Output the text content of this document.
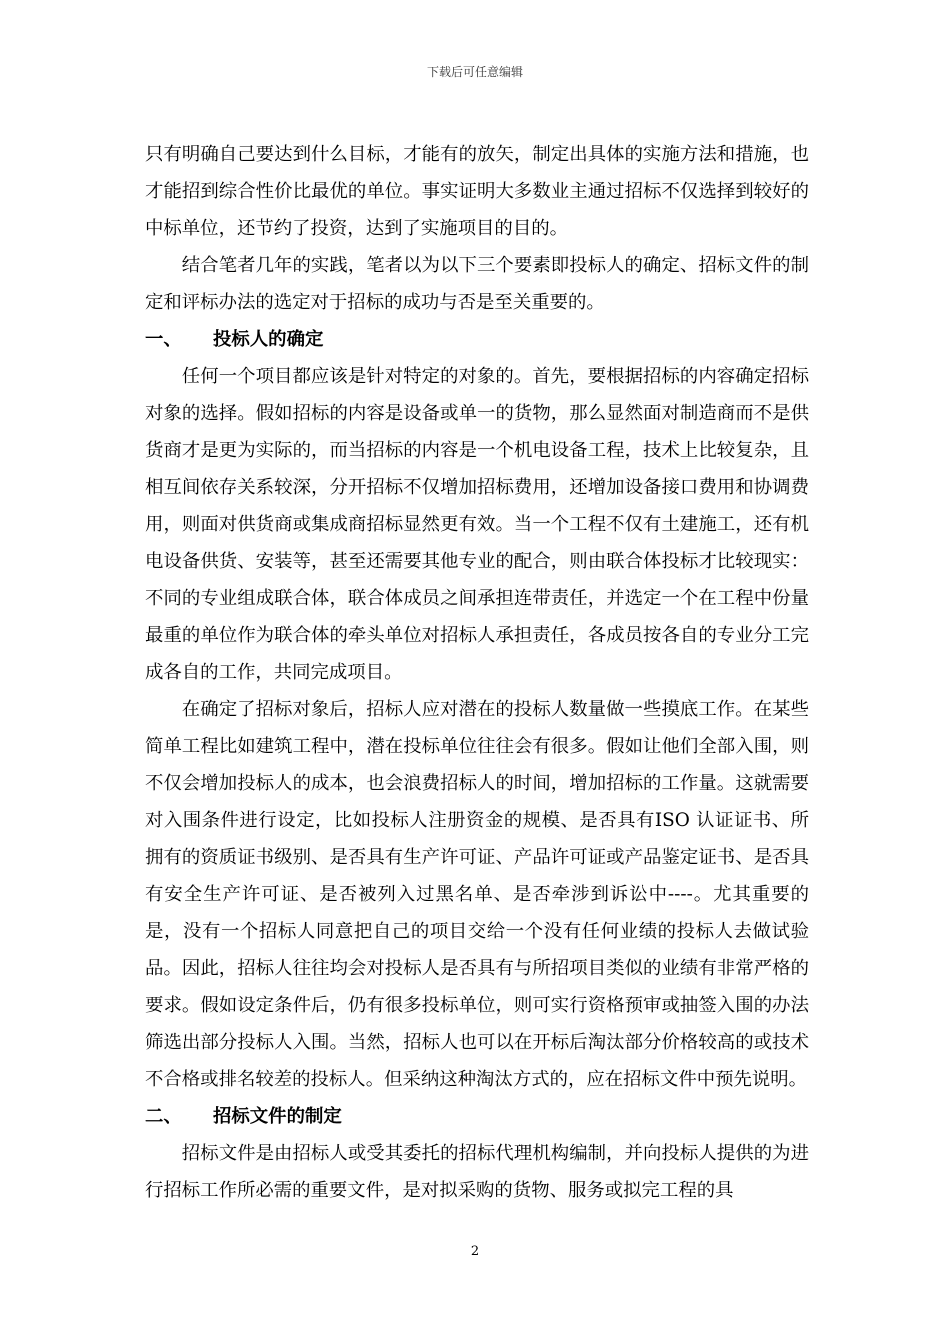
下载后可任意编辑

只有明确自己要达到什么目标，才能有的放矢，制定出具体的实施方法和措施，也才能招到综合性价比最优的单位。事实证明大多数业主通过招标不仅选择到较好的中标单位，还节约了投资，达到了实施项目的目的。

结合笔者几年的实践，笔者以为以下三个要素即投标人的确定、招标文件的制定和评标办法的选定对于招标的成功与否是至关重要的。

一、	投标人的确定

任何一个项目都应该是针对特定的对象的。首先，要根据招标的内容确定招标对象的选择。假如招标的内容是设备或单一的货物，那么显然面对制造商而不是供货商才是更为实际的，而当招标的内容是一个机电设备工程，技术上比较复杂，且相互间依存关系较深，分开招标不仅增加招标费用，还增加设备接口费用和协调费用，则面对供货商或集成商招标显然更有效。当一个工程不仅有土建施工，还有机电设备供货、安装等，甚至还需要其他专业的配合，则由联合体投标才比较现实：不同的专业组成联合体，联合体成员之间承担连带责任，并选定一个在工程中份量最重的单位作为联合体的牵头单位对招标人承担责任，各成员按各自的专业分工完成各自的工作，共同完成项目。

在确定了招标对象后，招标人应对潜在的投标人数量做一些摸底工作。在某些简单工程比如建筑工程中，潜在投标单位往往会有很多。假如让他们全部入围，则不仅会增加投标人的成本，也会浪费招标人的时间，增加招标的工作量。这就需要对入围条件进行设定，比如投标人注册资金的规模、是否具有ISO 认证证书、所拥有的资质证书级别、是否具有生产许可证、产品许可证或产品鉴定证书、是否具有安全生产许可证、是否被列入过黑名单、是否牵涉到诉讼中----。尤其重要的是，没有一个招标人同意把自己的项目交给一个没有任何业绩的投标人去做试验品。因此，招标人往往均会对投标人是否具有与所招项目类似的业绩有非常严格的要求。假如设定条件后，仍有很多投标单位，则可实行资格预审或抽签入围的办法筛选出部分投标人入围。当然，招标人也可以在开标后淘汰部分价格较高的或技术不合格或排名较差的投标人。但采纳这种淘汰方式的，应在招标文件中预先说明。

二、	招标文件的制定

招标文件是由招标人或受其委托的招标代理机构编制，并向投标人提供的为进行招标工作所必需的重要文件，是对拟采购的货物、服务或拟完工程的具

2
